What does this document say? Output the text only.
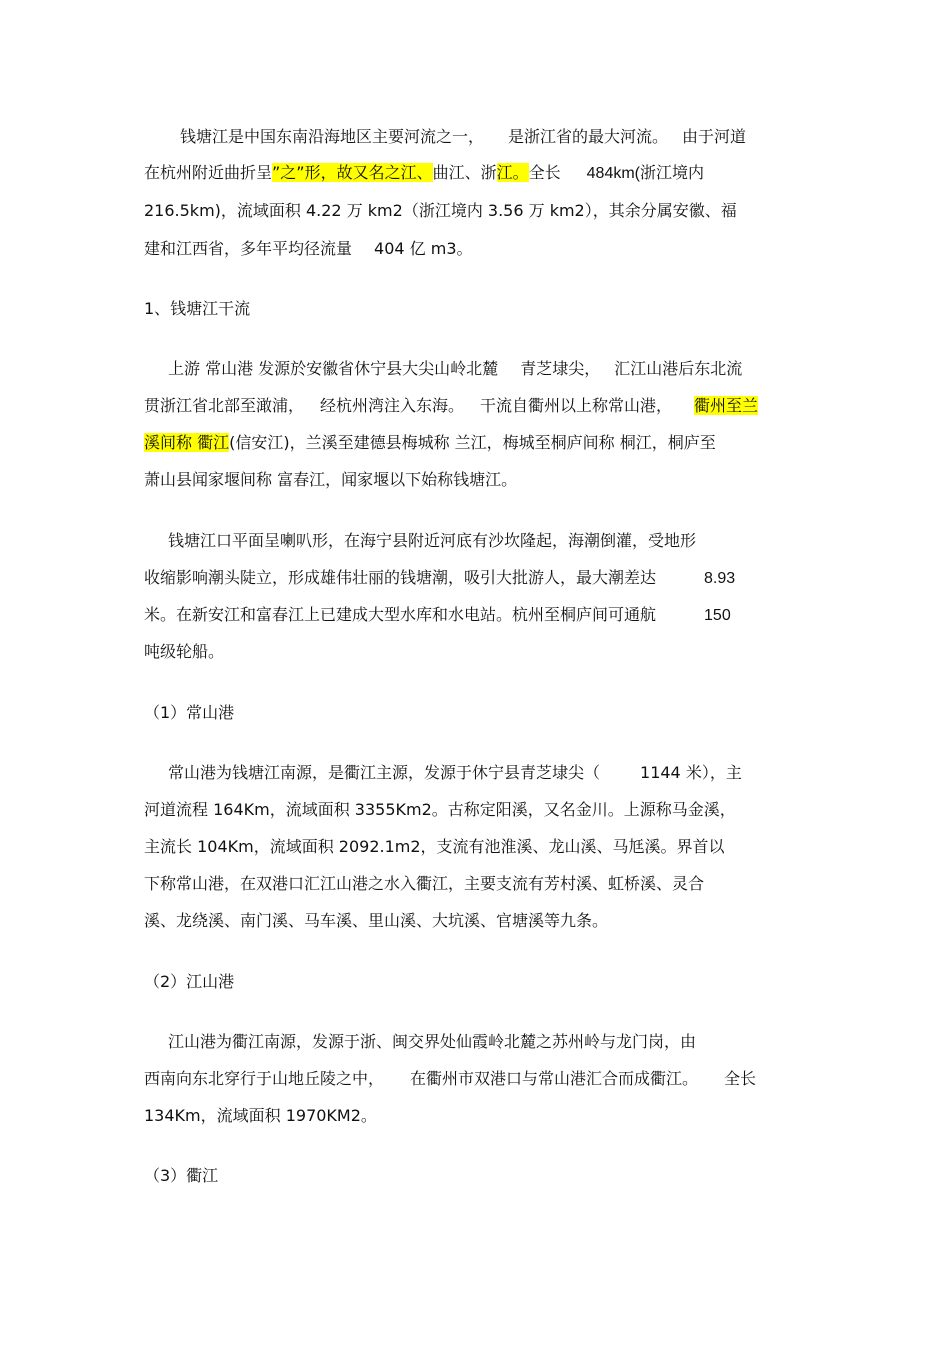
钱塘江是中国东南沿海地区主要河流之一， 是浙江省的最大河流。 由于河道
在杭州附近曲折呈”之”形，故又名之江、曲江、浙江。全长 484km(浙江境内
216.5km)，流域面积 4.22 万 km2（浙江境内 3.56 万 km2），其余分属安徽、福
建和江西省，多年平均径流量 404 亿 m3。
1、钱塘江干流
上游 常山港 发源於安徽省休宁县大尖山岭北麓 青芝埭尖， 汇江山港后东北流
贯浙江省北部至澉浦， 经杭州湾注入东海。 干流自衢州以上称常山港， 衢州至兰
溪间称 衢江(信安江)，兰溪至建德县梅城称 兰江，梅城至桐庐间称 桐江，桐庐至
萧山县闻家堰间称 富春江，闻家堰以下始称钱塘江。
钱塘江口平面呈喇叭形，在海宁县附近河底有沙坎隆起，海潮倒灌，受地形
收缩影响潮头陡立，形成雄伟壮丽的钱塘潮，吸引大批游人，最大潮差达	8.93
米。在新安江和富春江上已建成大型水库和水电站。杭州至桐庐间可通航	150
吨级轮船。
（1）常山港
常山港为钱塘江南源，是衢江主源，发源于休宁县青芝埭尖（	1144 米），主
河道流程 164Km，流域面积 3355Km2。古称定阳溪，又名金川。上源称马金溪，
主流长 104Km，流域面积 2092.1m2，支流有池淮溪、龙山溪、马尪溪。界首以
下称常山港，在双港口汇江山港之水入衢江，主要支流有芳村溪、虹桥溪、灵合
溪、龙绕溪、南门溪、马车溪、里山溪、大坑溪、官塘溪等九条。
（2）江山港
江山港为衢江南源，发源于浙、闽交界处仙霞岭北麓之苏州岭与龙门岗，由
西南向东北穿行于山地丘陵之中， 在衢州市双港口与常山港汇合而成衢江。 全长
134Km，流域面积 1970KM2。
（3）衢江
